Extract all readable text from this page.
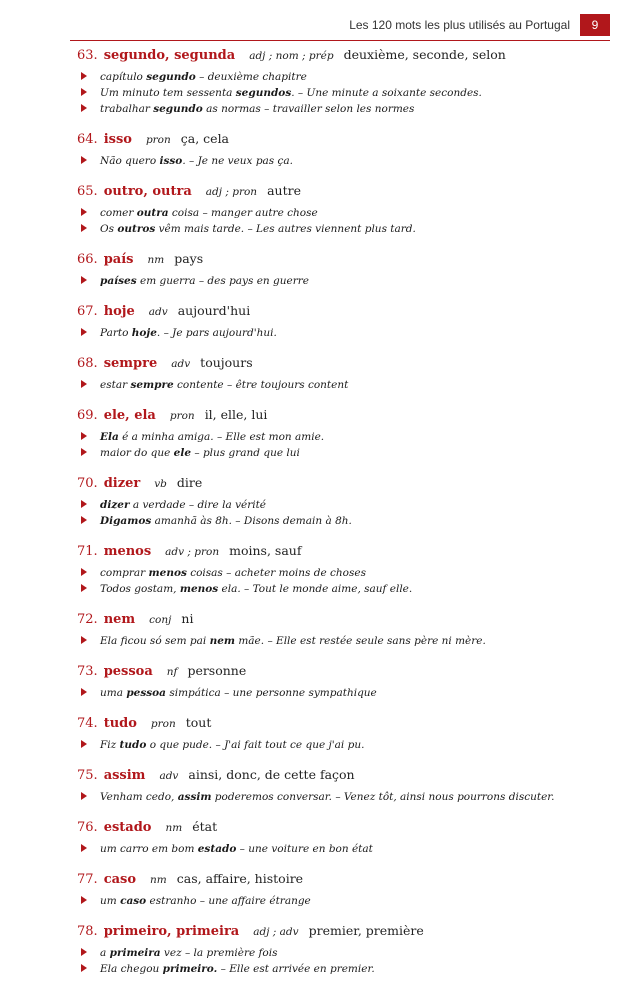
Les 120 mots les plus utilisés au Portugal	9
63. segundo, segunda adj ; nom ; prép deuxième, seconde, selon
capítulo segundo – deuxième chapitre
Um minuto tem sessenta segundos. – Une minute a soixante secondes.
trabalhar segundo as normas – travailler selon les normes
64. isso pron ça, cela
Não quero isso. – Je ne veux pas ça.
65. outro, outra adj ; pron autre
comer outra coisa – manger autre chose
Os outros vêm mais tarde. – Les autres viennent plus tard.
66. país nm pays
países em guerra – des pays en guerre
67. hoje adv aujourd'hui
Parto hoje. – Je pars aujourd'hui.
68. sempre adv toujours
estar sempre contente – être toujours content
69. ele, ela pron il, elle, lui
Ela é a minha amiga. – Elle est mon amie.
maior do que ele – plus grand que lui
70. dizer vb dire
dizer a verdade – dire la vérité
Digamos amanhã às 8h. – Disons demain à 8h.
71. menos adv ; pron moins, sauf
comprar menos coisas – acheter moins de choses
Todos gostam, menos ela. – Tout le monde aime, sauf elle.
72. nem conj ni
Ela ficou só sem pai nem mãe. – Elle est restée seule sans père ni mère.
73. pessoa nf personne
uma pessoa simpática – une personne sympathique
74. tudo pron tout
Fiz tudo o que pude. – J'ai fait tout ce que j'ai pu.
75. assim adv ainsi, donc, de cette façon
Venham cedo, assim poderemos conversar. – Venez tôt, ainsi nous pourrons discuter.
76. estado nm état
um carro em bom estado – une voiture en bon état
77. caso nm cas, affaire, histoire
um caso estranho – une affaire étrange
78. primeiro, primeira adj ; adv premier, première
a primeira vez – la première fois
Ela chegou primeiro. – Elle est arrivée en premier.
